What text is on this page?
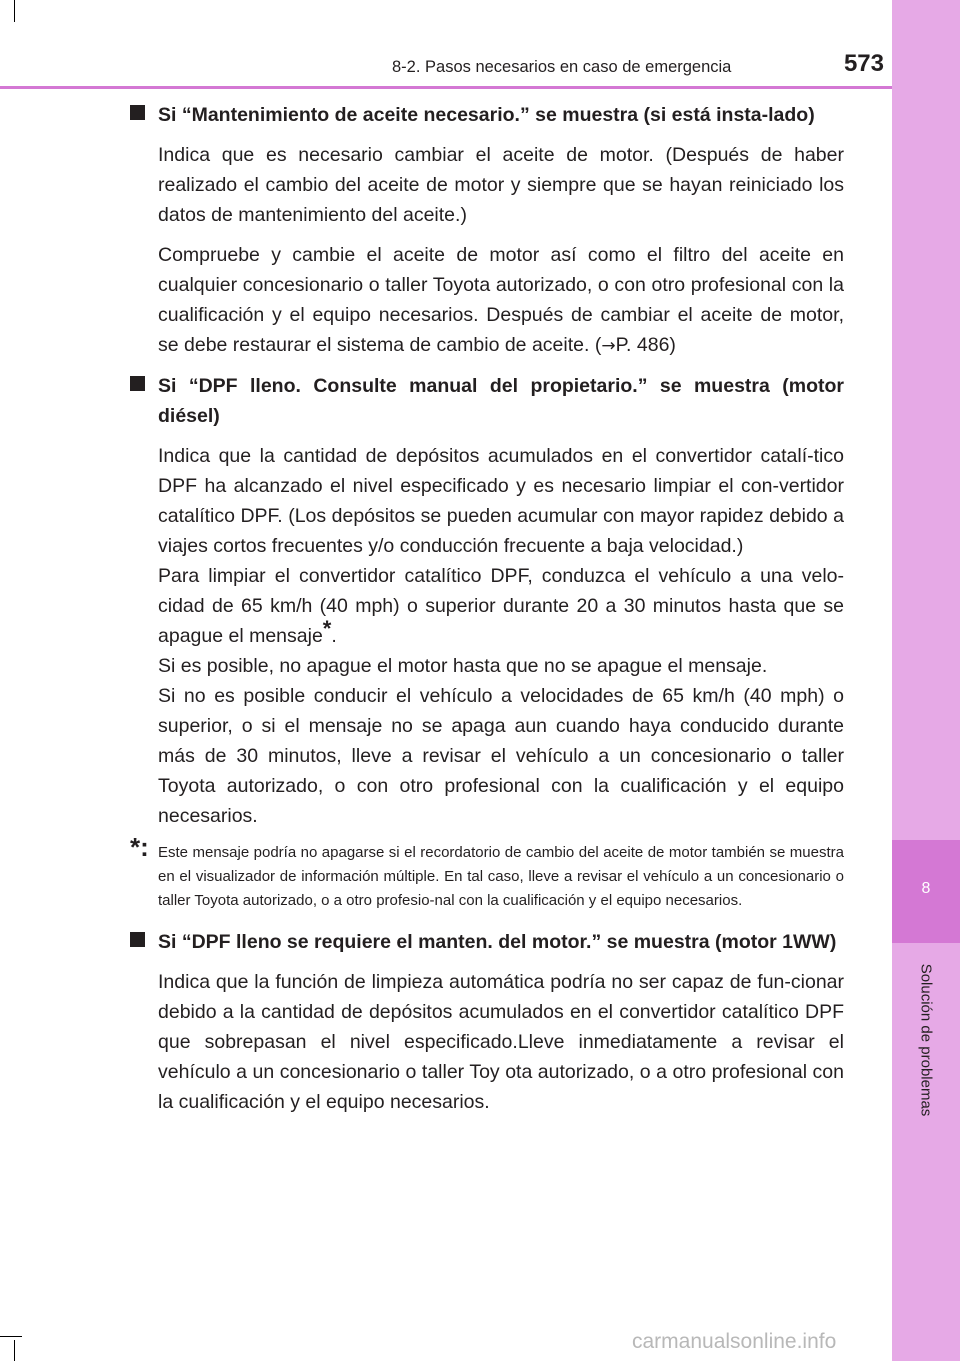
8
Solución de problemas
8-2. Pasos necesarios en caso de emergencia	573
Si “Mantenimiento de aceite necesario.” se muestra (si está insta-lado)

Indica que es necesario cambiar el aceite de motor. (Después de haber realizado el cambio del aceite de motor y siempre que se hayan reiniciado los datos de mantenimiento del aceite.)

Compruebe y cambie el aceite de motor así como el filtro del aceite en cualquier concesionario o taller Toyota autorizado, o con otro profesional con la cualificación y el equipo necesarios. Después de cambiar el aceite de motor, se debe restaurar el sistema de cambio de aceite. (→P. 486)

Si “DPF lleno. Consulte manual del propietario.” se muestra (motor diésel)

Indica que la cantidad de depósitos acumulados en el convertidor catalí-tico DPF ha alcanzado el nivel especificado y es necesario limpiar el con-vertidor catalítico DPF. (Los depósitos se pueden acumular con mayor rapidez debido a viajes cortos frecuentes y/o conducción frecuente a baja velocidad.)

Para limpiar el convertidor catalítico DPF, conduzca el vehículo a una velo-cidad de 65 km/h (40 mph) o superior durante 20 a 30 minutos hasta que se apague el mensaje*.

Si es posible, no apague el motor hasta que no se apague el mensaje.

Si no es posible conducir el vehículo a velocidades de 65 km/h (40 mph) o superior, o si el mensaje no se apaga aun cuando haya conducido durante más de 30 minutos, lleve a revisar el vehículo a un concesionario o taller Toyota autorizado, o con otro profesional con la cualificación y el equipo necesarios.

*: Este mensaje podría no apagarse si el recordatorio de cambio del aceite de motor también se muestra en el visualizador de información múltiple. En tal caso, lleve a revisar el vehículo a un concesionario o taller Toyota autorizado, o a otro profesio-nal con la cualificación y el equipo necesarios.
Si “DPF lleno se requiere el manten. del motor.” se muestra (motor 1WW)

Indica que la función de limpieza automática podría no ser capaz de fun-cionar debido a la cantidad de depósitos acumulados en el convertidor catalítico DPF que sobrepasan el nivel especificado.Lleve inmediatamente a revisar el vehículo a un concesionario o taller Toy ota autorizado, o a otro profesional con la cualificación y el equipo necesarios.

carmanualsonline.info
